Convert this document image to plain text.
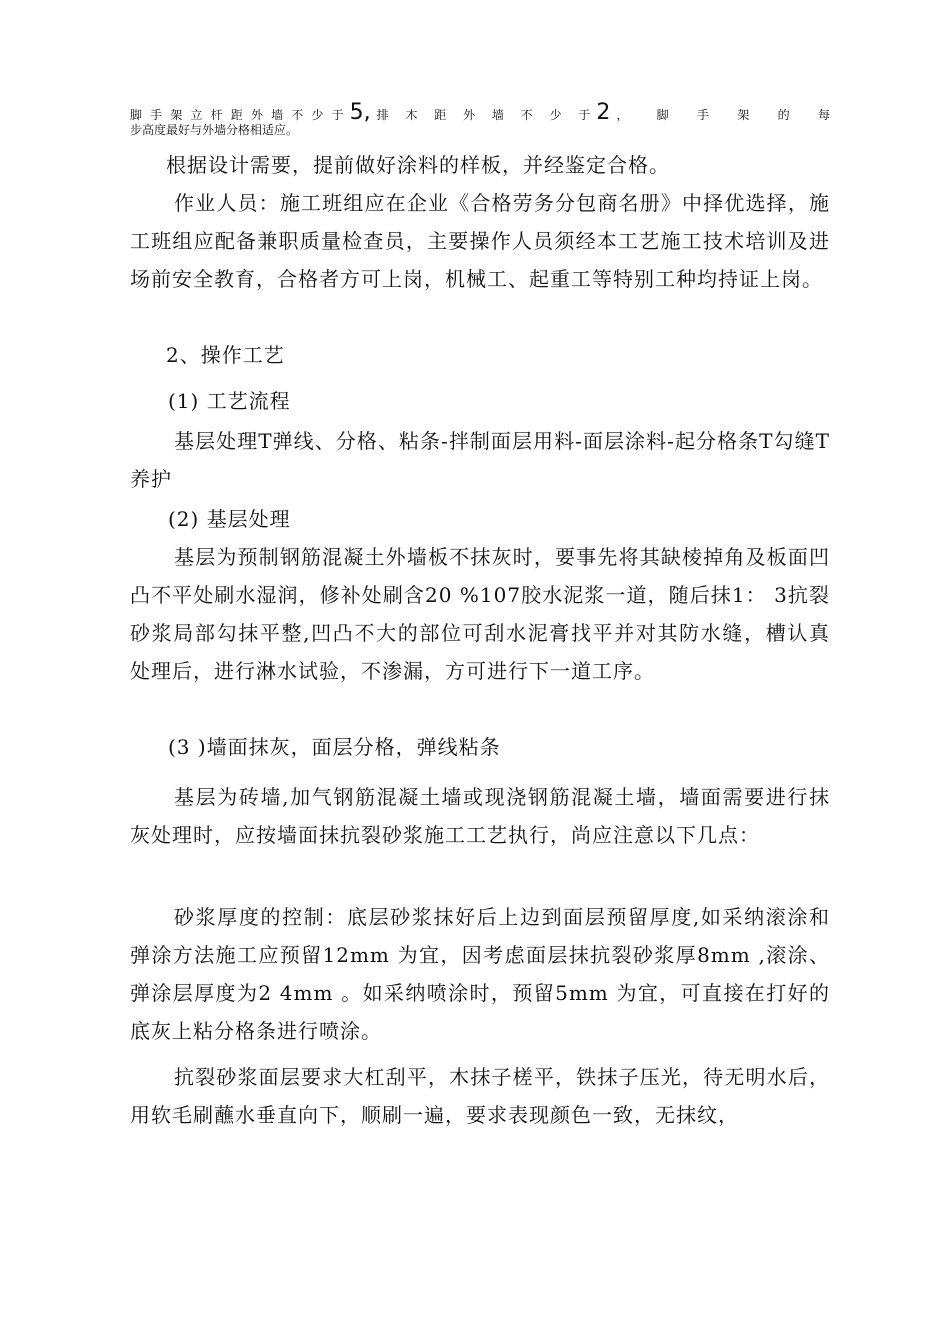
脚 手 架 立 杆 距 外 墙 不 少 于 5, 排 木 距 外 墙 不 少 于 2 ， 脚 手 架 的 每
步高度最好与外墙分格相适应。
根据设计需要，提前做好涂料的样板，并经鉴定合格。
作业人员：施工班组应在企业《合格劳务分包商名册》中择优选择，施工班组应配备兼职质量检查员，主要操作人员须经本工艺施工技术培训及进场前安全教育，合格者方可上岗，机械工、起重工等特别工种均持证上岗。
2、操作工艺
(1) 工艺流程
基层处理T弹线、分格、粘条-拌制面层用料-面层涂料-起分格条T勾缝T养护
(2) 基层处理
基层为预制钢筋混凝土外墙板不抹灰时，要事先将其缺棱掉角及板面凹凸不平处刷水湿润，修补处刷含20 %107胶水泥浆一道，随后抹1： 3抗裂砂浆局部勾抹平整,凹凸不大的部位可刮水泥膏找平并对其防水缝，槽认真处理后，进行淋水试验，不渗漏，方可进行下一道工序。
(3 )墙面抹灰，面层分格，弹线粘条
基层为砖墙,加气钢筋混凝土墙或现浇钢筋混凝土墙，墙面需要进行抹灰处理时，应按墙面抹抗裂砂浆施工工艺执行，尚应注意以下几点：
砂浆厚度的控制：底层砂浆抹好后上边到面层预留厚度,如采纳滚涂和弹涂方法施工应预留12mm 为宜，因考虑面层抹抗裂砂浆厚8mm ,滚涂、弹涂层厚度为2 4mm 。如采纳喷涂时，预留5mm 为宜，可直接在打好的底灰上粘分格条进行喷涂。
抗裂砂浆面层要求大杠刮平，木抹子槎平，铁抹子压光，待无明水后，用软毛刷蘸水垂直向下，顺刷一遍，要求表现颜色一致，无抹纹，
